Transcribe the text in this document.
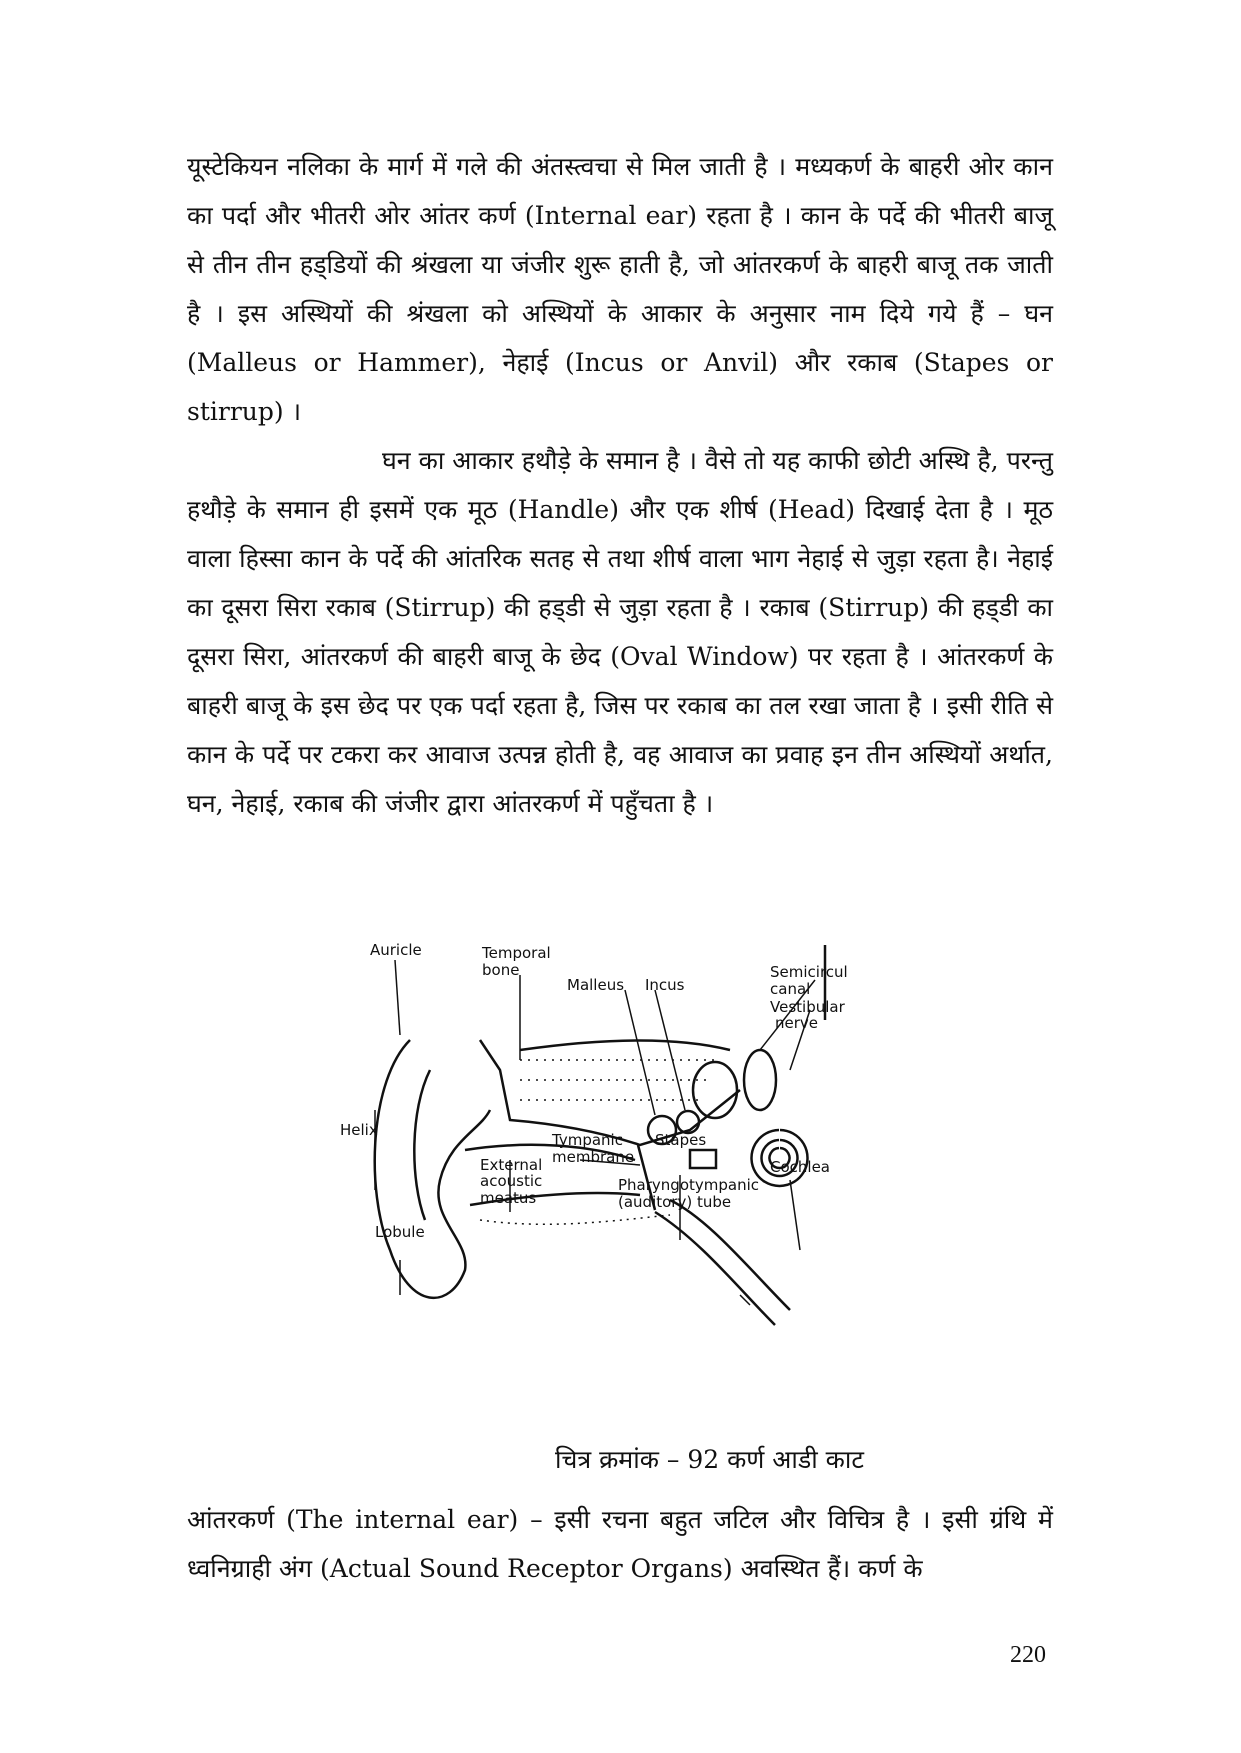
यूस्टेकियन नलिका के मार्ग में गले की अंतस्त्वचा से मिल जाती है । मध्यकर्ण के बाहरी ओर कान का पर्दा और भीतरी ओर आंतर कर्ण (Internal ear) रहता है । कान के पर्दे की भीतरी बाजू से तीन तीन हड्‌डियों की श्रंखला या जंजीर शुरू हाती है, जो आंतरकर्ण के बाहरी बाजू तक जाती है । इस अस्थियों की श्रंखला को अस्थियों के आकार के अनुसार नाम दिये गये हैं – घन (Malleus or Hammer), नेहाई (Incus or Anvil) और रकाब (Stapes or stirrup) ।

घन का आकार हथौड़े के समान है । वैसे तो यह काफी छोटी अस्थि है, परन्तु हथौड़े के समान ही इसमें एक मूठ (Handle) और एक शीर्ष (Head) दिखाई देता है । मूठ वाला हिस्सा कान के पर्दे की आंतरिक सतह से तथा शीर्ष वाला भाग नेहाई से जुड़ा रहता है। नेहाई का दूसरा सिरा रकाब (Stirrup) की हड्‌डी से जुड़ा रहता है । रकाब (Stirrup) की हड्‌डी का दूसरा सिरा, आंतरकर्ण की बाहरी बाजू के छेद (Oval Window) पर रहता है । आंतरकर्ण के बाहरी बाजू के इस छेद पर एक पर्दा रहता है, जिस पर रकाब का तल रखा जाता है । इसी रीति से कान के पर्दे पर टकरा कर आवाज उत्पन्न होती है, वह आवाज का प्रवाह इन तीन अस्थियों अर्थात, घन, नेहाई, रकाब की जंजीर द्वारा आंतरकर्ण में पहुँचता है ।

Auricle	Temporal
bone
Malleus Incus
Semicircul
canal
Vestibular
nerve
Cochlea
Helix
Tympanic
membrane
Stapes
External
acoustic
meatus
Pharyngotympanic
(auditory) tube
Lobule

चित्र क्रमांक – 92 कर्ण आडी काट

आंतरकर्ण (The internal ear) – इसी रचना बहुत जटिल और विचित्र है । इसी ग्रंथि में ध्वनिग्राही अंग (Actual Sound Receptor Organs) अवस्थित हैं। कर्ण के

220
